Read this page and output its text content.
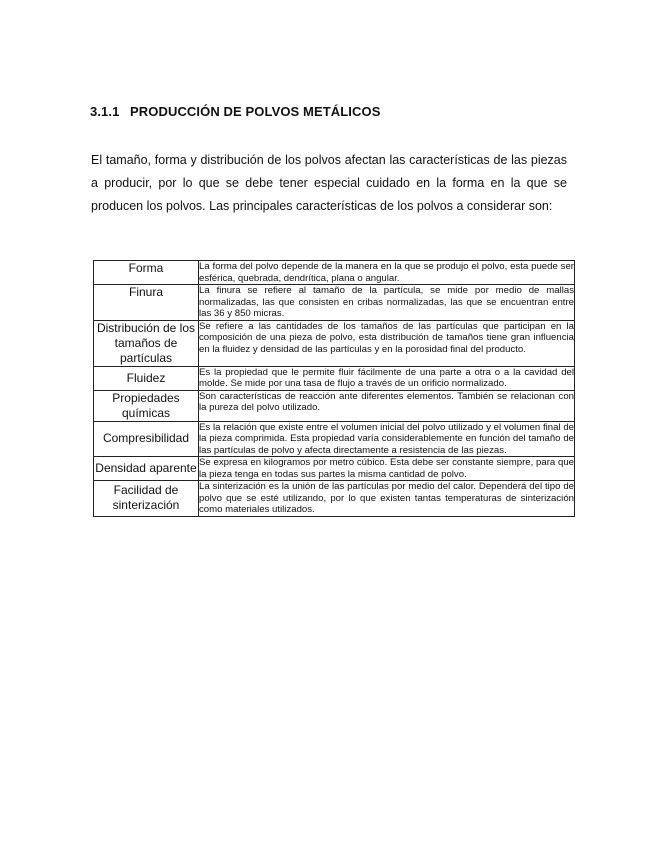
3.1.1 PRODUCCIÓN DE POLVOS METÁLICOS

El tamaño, forma y distribución de los polvos afectan las características de las piezas a producir, por lo que se debe tener especial cuidado en la forma en la que se producen los polvos. Las principales características de los polvos a considerar son:

Forma	La forma del polvo depende de la manera en la que se produjo el polvo, esta puede ser esférica, quebrada, dendrítica, plana o angular.
Finura	La finura se refiere al tamaño de la partícula, se mide por medio de mallas normalizadas, las que consisten en cribas normalizadas, las que se encuentran entre las 36 y 850 micras.
Distribución de los tamaños de partículas	Se refiere a las cantidades de los tamaños de las partículas que participan en la composición de una pieza de polvo, esta distribución de tamaños tiene gran influencia en la fluidez y densidad de las partículas y en la porosidad final del producto.
Fluidez	Es la propiedad que le permite fluir fácilmente de una parte a otra o a la cavidad del molde. Se mide por una tasa de flujo a través de un orificio normalizado.
Propiedades químicas	Son características de reacción ante diferentes elementos. También se relacionan con la pureza del polvo utilizado.
Compresibilidad	Es la relación que existe entre el volumen inicial del polvo utilizado y el volumen final de la pieza comprimida. Esta propiedad varía considerablemente en función del tamaño de las partículas de polvo y afecta directamente a resistencia de las piezas.
Densidad aparente	Se expresa en kilogramos por metro cúbico. Esta debe ser constante siempre, para que la pieza tenga en todas sus partes la misma cantidad de polvo.
Facilidad de sinterización	La sinterización es la unión de las partículas por medio del calor. Dependerá del tipo de polvo que se esté utilizando, por lo que existen tantas temperaturas de sinterización como materiales utilizados.
